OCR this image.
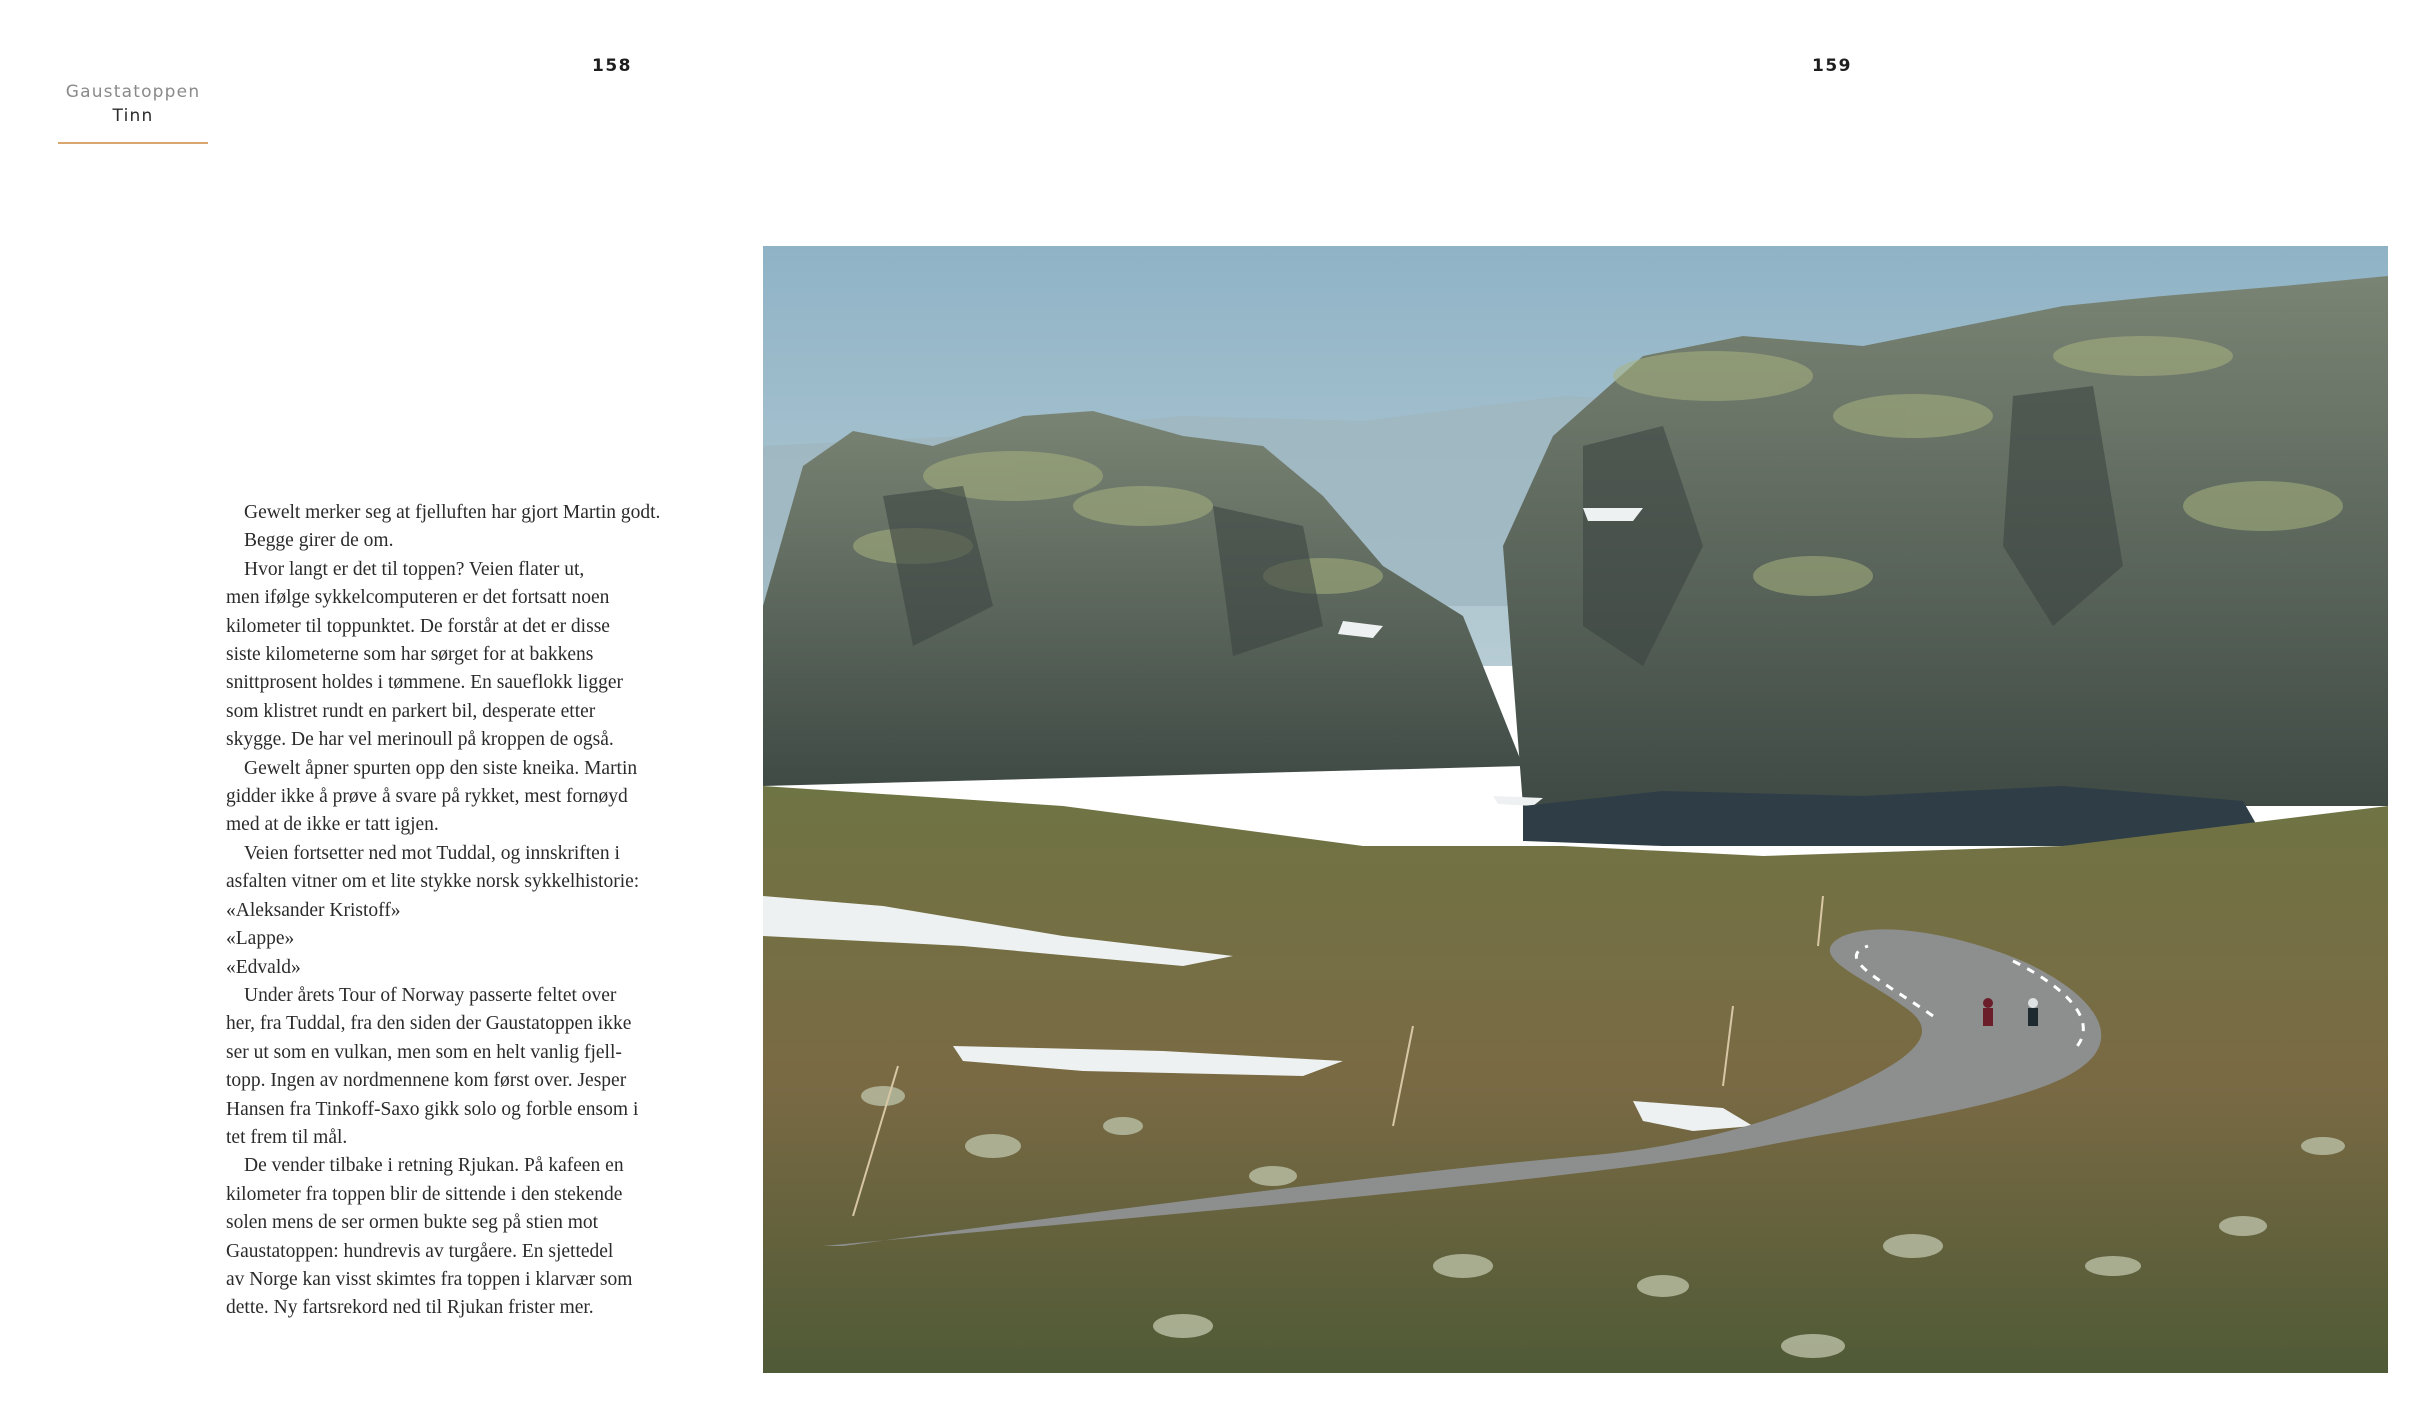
158	159
Gaustatoppen
Tinn

Gewelt merker seg at fjelluften har gjort Martin godt.

Begge girer de om.

Hvor langt er det til toppen? Veien flater ut,

men ifølge sykkelcomputeren er det fortsatt noen

kilometer til toppunktet. De forstår at det er disse

siste kilometerne som har sørget for at bakkens

snittprosent holdes i tømmene. En saueflokk ligger

som klistret rundt en parkert bil, desperate etter

skygge. De har vel merinoull på kroppen de også.

Gewelt åpner spurten opp den siste kneika. Martin

gidder ikke å prøve å svare på rykket, mest fornøyd

med at de ikke er tatt igjen.

Veien fortsetter ned mot Tuddal, og innskriften i

asfalten vitner om et lite stykke norsk sykkelhistorie:

«Aleksander Kristoff»

«Lappe»

«Edvald»

Under årets Tour of Norway passerte feltet over

her, fra Tuddal, fra den siden der Gaustatoppen ikke

ser ut som en vulkan, men som en helt vanlig fjell-

topp. Ingen av nordmennene kom først over. Jesper

Hansen fra Tinkoff-Saxo gikk solo og forble ensom i

tet frem til mål.

De vender tilbake i retning Rjukan. På kafeen en

kilometer fra toppen blir de sittende i den stekende

solen mens de ser ormen bukte seg på stien mot

Gaustatoppen: hundrevis av turgåere. En sjettedel

av Norge kan visst skimtes fra toppen i klarvær som

dette. Ny fartsrekord ned til Rjukan frister mer.
